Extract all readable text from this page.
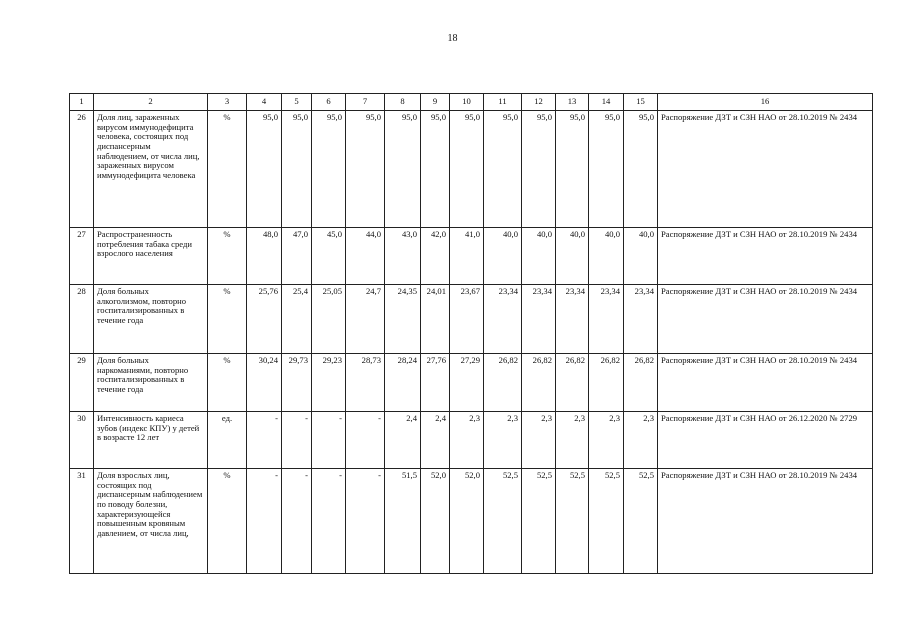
18
1	2	3	4	5	6	7	8	9	10	11	12	13	14	15	16
26	Доля лиц, зараженных вирусом иммунодефицита человека, состоящих под диспансерным наблюдением, от числа лиц, зараженных вирусом иммунодефицита человека	%	95,0	95,0	95,0	95,0	95,0	95,0	95,0	95,0	95,0	95,0	95,0	95,0	Распоряжение ДЗТ и СЗН НАО от 28.10.2019 № 2434
27	Распространенность потребления табака среди взрослого населения	%	48,0	47,0	45,0	44,0	43,0	42,0	41,0	40,0	40,0	40,0	40,0	40,0	Распоряжение ДЗТ и СЗН НАО от 28.10.2019 № 2434
28	Доля больных алкоголизмом, повторно госпитализированных в течение года	%	25,76	25,4	25,05	24,7	24,35	24,01	23,67	23,34	23,34	23,34	23,34	23,34	Распоряжение ДЗТ и СЗН НАО от 28.10.2019 № 2434
29	Доля больных наркоманиями, повторно госпитализированных в течение года	%	30,24	29,73	29,23	28,73	28,24	27,76	27,29	26,82	26,82	26,82	26,82	26,82	Распоряжение ДЗТ и СЗН НАО от 28.10.2019 № 2434
30	Интенсивность кариеса зубов (индекс КПУ) у детей в возрасте 12 лет	ед.	-	-	-	-	2,4	2,4	2,3	2,3	2,3	2,3	2,3	2,3	Распоряжение ДЗТ и СЗН НАО от 26.12.2020 № 2729
31	Доля взрослых лиц, состоящих под диспансерным наблюдением по поводу болезни, характеризующейся повышенным кровяным давлением, от числа лиц,	%	-	-	-	-	51,5	52,0	52,0	52,5	52,5	52,5	52,5	52,5	Распоряжение ДЗТ и СЗН НАО от 28.10.2019 № 2434
